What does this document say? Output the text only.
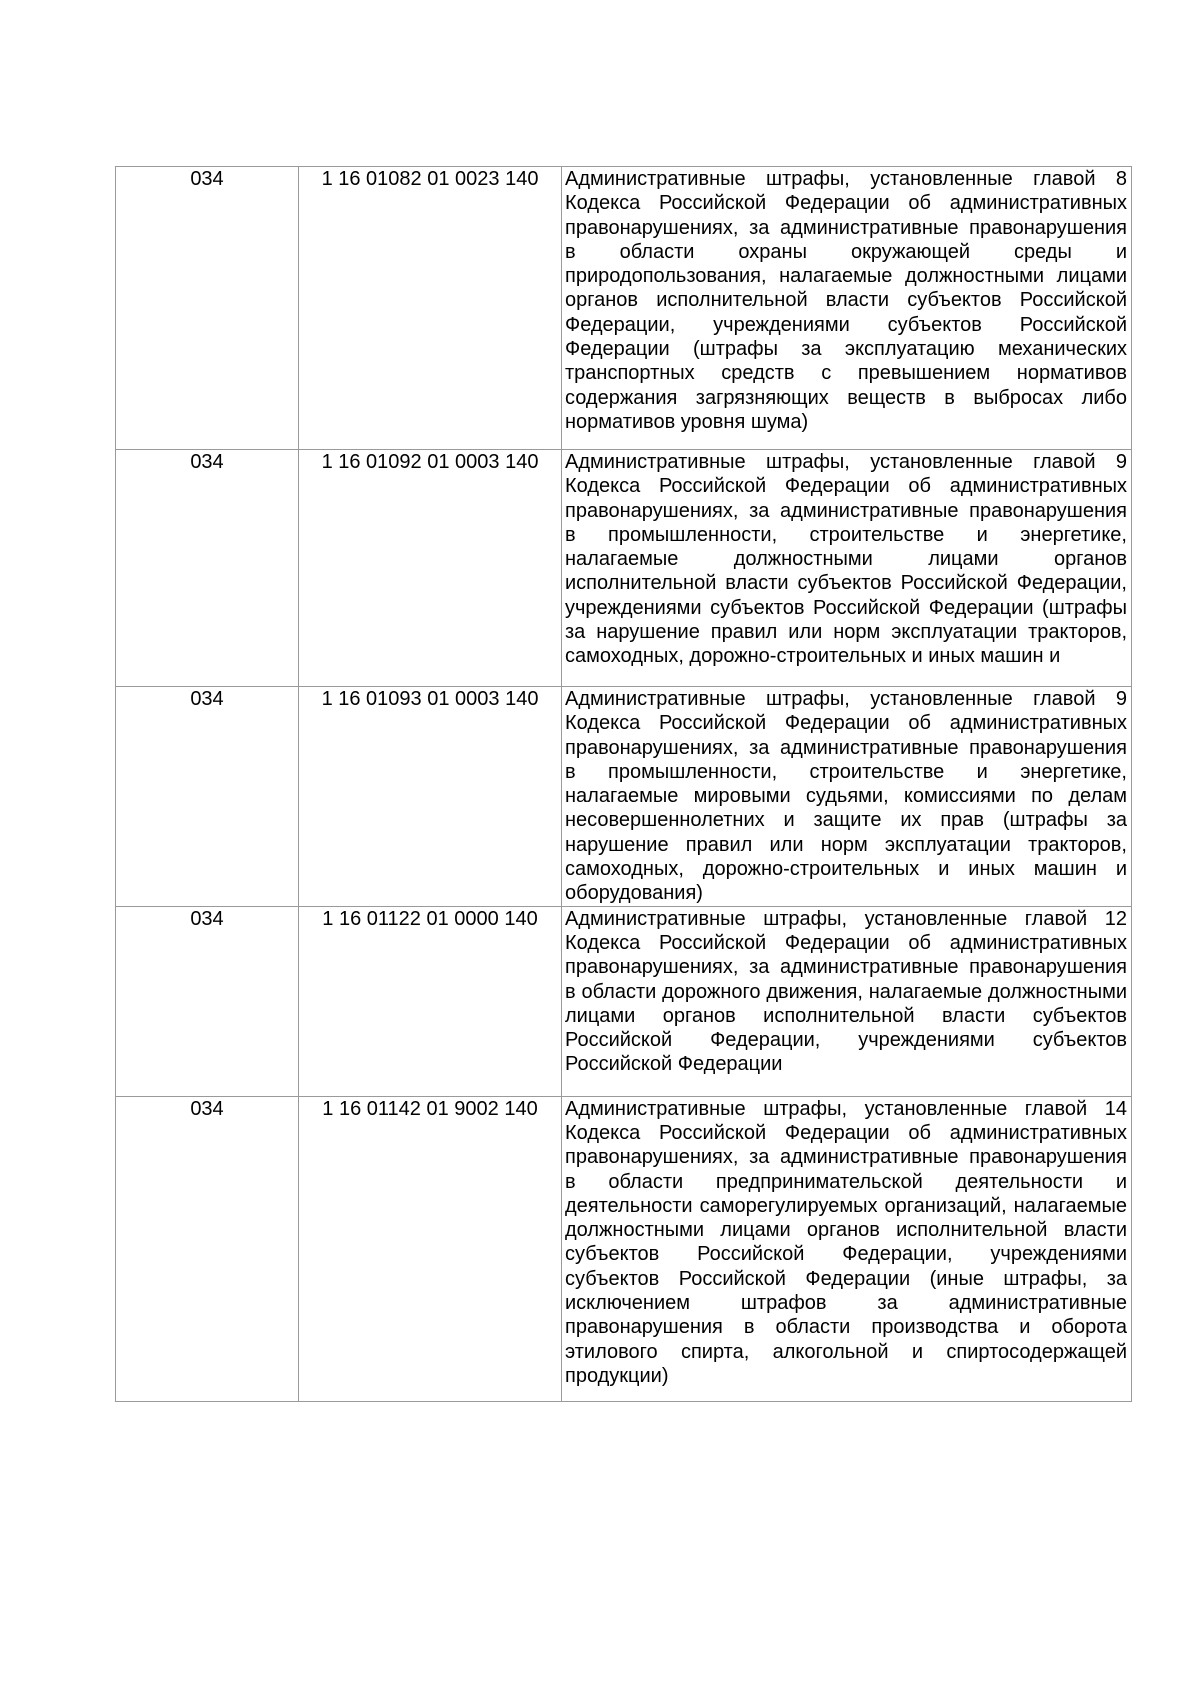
034	1 16 01082 01 0023 140	Административные штрафы, установленные главой 8 Кодекса Российской Федерации об административных правонарушениях, за административные правонарушения в области охраны окружающей среды и природопользования, налагаемые должностными лицами органов исполнительной власти субъектов Российской Федерации, учреждениями субъектов Российской Федерации (штрафы за эксплуатацию механических транспортных средств с превышением нормативов содержания загрязняющих веществ в выбросах либо нормативов уровня шума)

034	1 16 01092 01 0003 140	Административные штрафы, установленные главой 9 Кодекса Российской Федерации об административных правонарушениях, за административные правонарушения в промышленности, строительстве и энергетике, налагаемые должностными лицами органов исполнительной власти субъектов Российской Федерации, учреждениями субъектов Российской Федерации (штрафы за нарушение правил или норм эксплуатации тракторов, самоходных, дорожно-строительных и иных машин и

034	1 16 01093 01 0003 140	Административные штрафы, установленные главой 9 Кодекса Российской Федерации об административных правонарушениях, за административные правонарушения в промышленности, строительстве и энергетике, налагаемые мировыми судьями, комиссиями по делам несовершеннолетних и защите их прав (штрафы за нарушение правил или норм эксплуатации тракторов, самоходных, дорожно-строительных и иных машин и оборудования)

034	1 16 01122 01 0000 140	Административные штрафы, установленные главой 12 Кодекса Российской Федерации об административных правонарушениях, за административные правонарушения в области дорожного движения, налагаемые должностными лицами органов исполнительной власти субъектов Российской Федерации, учреждениями субъектов Российской Федерации

034	1 16 01142 01 9002 140	Административные штрафы, установленные главой 14 Кодекса Российской Федерации об административных правонарушениях, за административные правонарушения в области предпринимательской деятельности и деятельности саморегулируемых организаций, налагаемые должностными лицами органов исполнительной власти субъектов Российской Федерации, учреждениями субъектов Российской Федерации (иные штрафы, за исключением штрафов за административные правонарушения в области производства и оборота этилового спирта, алкогольной и спиртосодержащей продукции)
